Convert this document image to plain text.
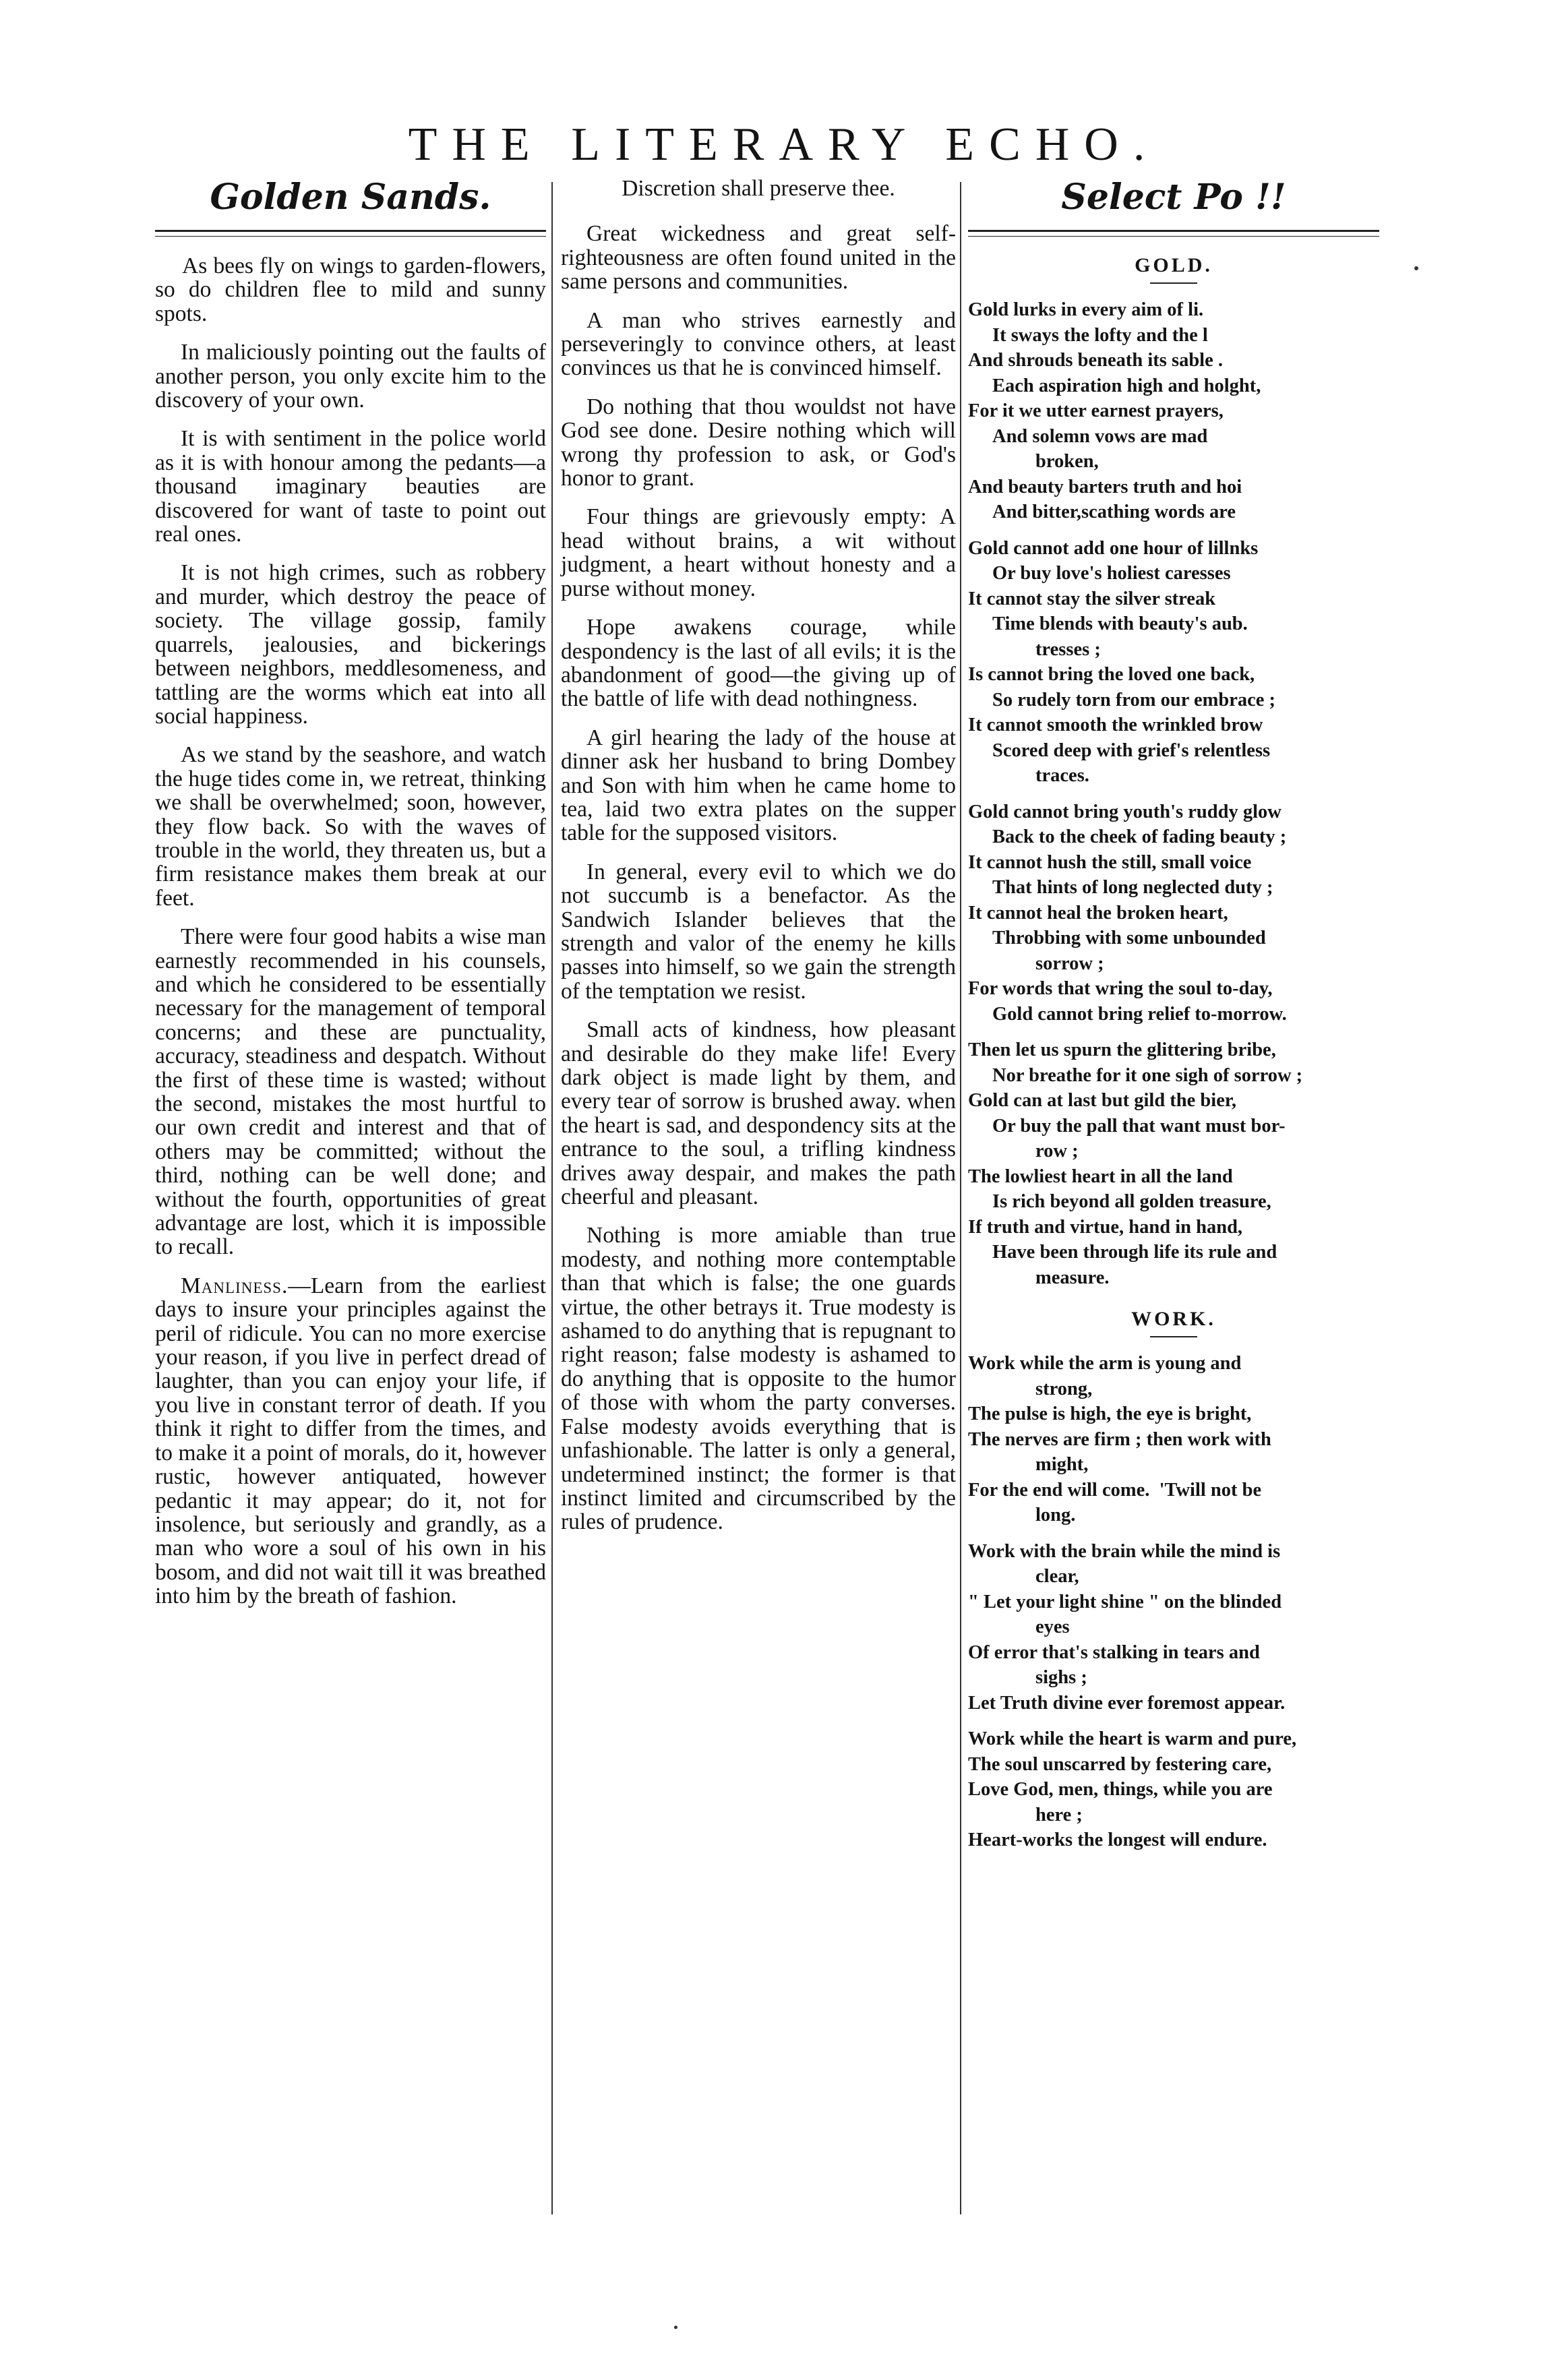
THE LITERARY ECHO.
Golden Sands.

As bees fly on wings to garden-flowers, so do children flee to mild and sunny spots.

In maliciously pointing out the faults of another person, you only excite him to the discovery of your own.

It is with sentiment in the police world as it is with honour among the pedants—a thousand imaginary beauties are discovered for want of taste to point out real ones.

It is not high crimes, such as robbery and murder, which destroy the peace of society. The village gossip, family quarrels, jealousies, and bickerings between neighbors, meddlesomeness, and tattling are the worms which eat into all social happiness.

As we stand by the seashore, and watch the huge tides come in, we retreat, thinking we shall be overwhelmed; soon, however, they flow back. So with the waves of trouble in the world, they threaten us, but a firm resistance makes them break at our feet.

There were four good habits a wise man earnestly recommended in his counsels, and which he considered to be essentially necessary for the management of temporal concerns; and these are punctuality, accuracy, steadiness and despatch. Without the first of these time is wasted; without the second, mistakes the most hurtful to our own credit and interest and that of others may be committed; without the third, nothing can be well done; and without the fourth, opportunities of great advantage are lost, which it is impossible to recall.

Manliness.—Learn from the earliest days to insure your principles against the peril of ridicule. You can no more exercise your reason, if you live in perfect dread of laughter, than you can enjoy your life, if you live in constant terror of death. If you think it right to differ from the times, and to make it a point of morals, do it, however rustic, however antiquated, however pedantic it may appear; do it, not for insolence, but seriously and grandly, as a man who wore a soul of his own in his bosom, and did not wait till it was breathed into him by the breath of fashion.

Discretion shall preserve thee.

Great wickedness and great self-righteousness are often found united in the same persons and communities.

A man who strives earnestly and perseveringly to convince others, at least convinces us that he is convinced himself.

Do nothing that thou wouldst not have God see done. Desire nothing which will wrong thy profession to ask, or God's honor to grant.

Four things are grievously empty: A head without brains, a wit without judgment, a heart without honesty and a purse without money.

Hope awakens courage, while despondency is the last of all evils; it is the abandonment of good—the giving up of the battle of life with dead nothingness.

A girl hearing the lady of the house at dinner ask her husband to bring Dombey and Son with him when he came home to tea, laid two extra plates on the supper table for the supposed visitors.

In general, every evil to which we do not succumb is a benefactor. As the Sandwich Islander believes that the strength and valor of the enemy he kills passes into himself, so we gain the strength of the temptation we resist.

Small acts of kindness, how pleasant and desirable do they make life! Every dark object is made light by them, and every tear of sorrow is brushed away. when the heart is sad, and despondency sits at the entrance to the soul, a trifling kindness drives away despair, and makes the path cheerful and pleasant.

Nothing is more amiable than true modesty, and nothing more contemptable than that which is false; the one guards virtue, the other betrays it. True modesty is ashamed to do anything that is repugnant to right reason; false modesty is ashamed to do anything that is opposite to the humor of those with whom the party converses. False modesty avoids everything that is unfashionable. The latter is only a general, undetermined instinct; the former is that instinct limited and circumscribed by the rules of prudence.

Select Po !!
GOLD.
Gold lurks in every aim of li.
It sways the lofty and the l
And shrouds beneath its sable .
Each aspiration high and holght,
For it we utter earnest prayers,
And solemn vows are mad
broken,
And beauty barters truth and hoi
And bitter,scathing words are
Gold cannot add one hour of lillnks
Or buy love's holiest caresses
It cannot stay the silver streak
Time blends with beauty's aub.
tresses ;
Is cannot bring the loved one back,
So rudely torn from our embrace ;
It cannot smooth the wrinkled brow
Scored deep with grief's relentless
traces.
Gold cannot bring youth's ruddy glow
Back to the cheek of fading beauty ;
It cannot hush the still, small voice
That hints of long neglected duty ;
It cannot heal the broken heart,
Throbbing with some unbounded
sorrow ;
For words that wring the soul to-day,
Gold cannot bring relief to-morrow.
Then let us spurn the glittering bribe,
Nor breathe for it one sigh of sorrow ;
Gold can at last but gild the bier,
Or buy the pall that want must bor-
row ;
The lowliest heart in all the land
Is rich beyond all golden treasure,
If truth and virtue, hand in hand,
Have been through life its rule and
measure.
WORK.
Work while the arm is young and
strong,
The pulse is high, the eye is bright,
The nerves are firm ; then work with
might,
For the end will come.  'Twill not be
long.
Work with the brain while the mind is
clear,
" Let your light shine " on the blinded
eyes
Of error that's stalking in tears and
sighs ;
Let Truth divine ever foremost appear.
Work while the heart is warm and pure,
The soul unscarred by festering care,
Love God, men, things, while you are
here ;
Heart-works the longest will endure.
